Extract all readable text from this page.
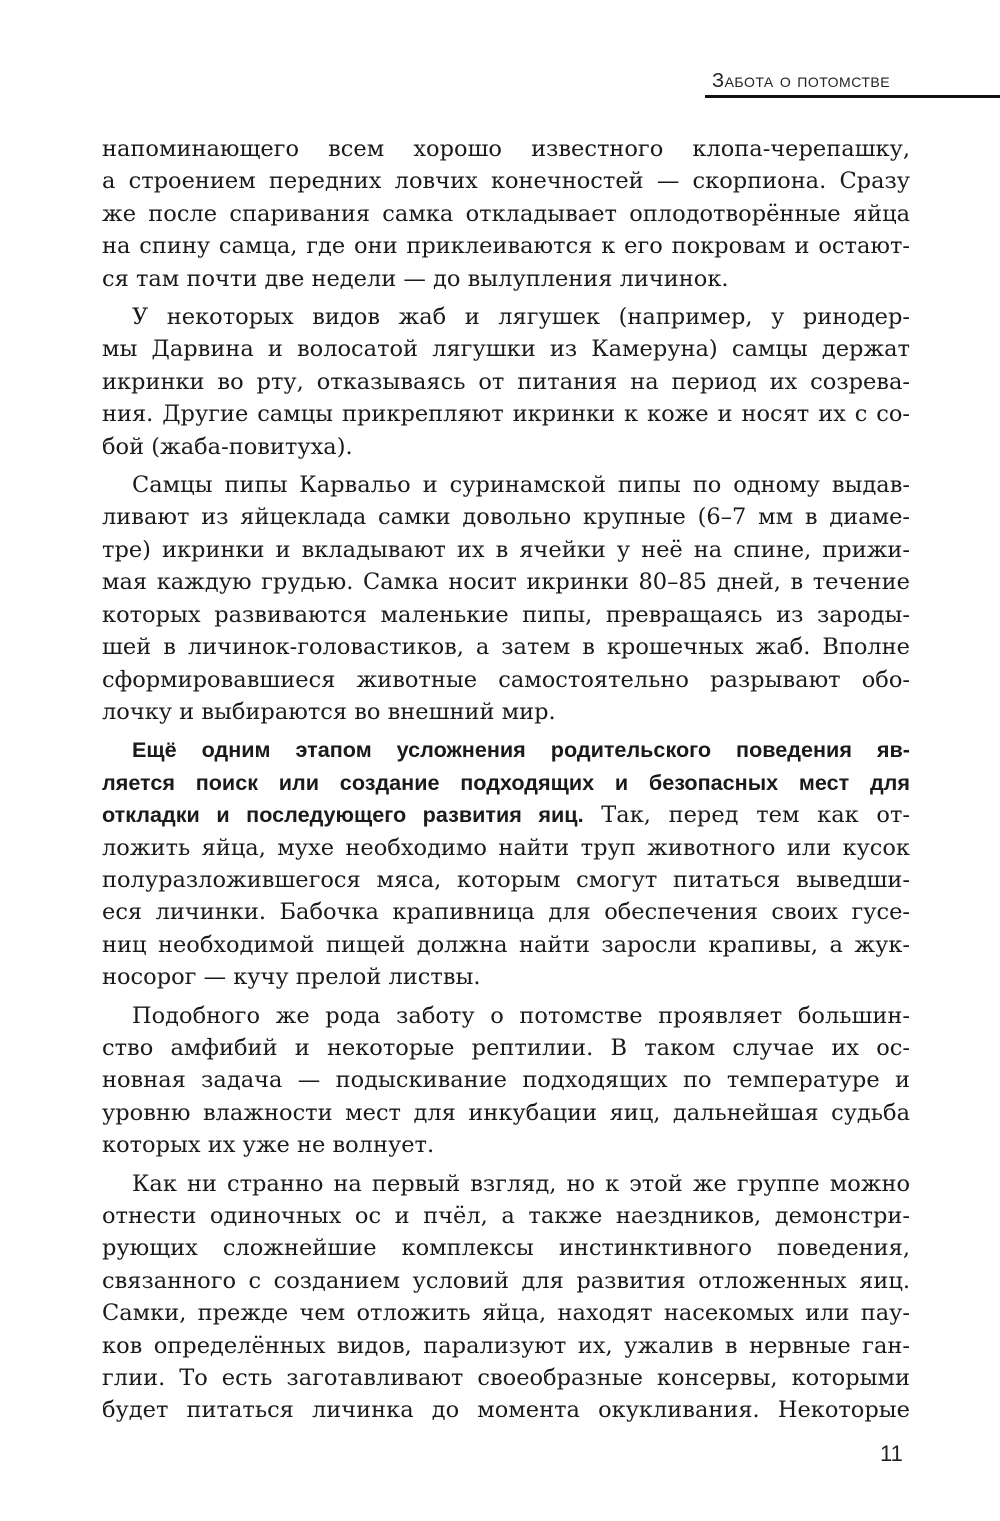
Забота о потомстве

напоминающего всем хорошо известного клопа-черепашку,
а строением передних ловчих конечностей — скорпиона. Сразу
же после спаривания самка откладывает оплодотворённые яйца
на спину самца, где они приклеиваются к его покровам и остают-
ся там почти две недели — до вылупления личинок.

У некоторых видов жаб и лягушек (например, у ринодер-
мы Дарвина и волосатой лягушки из Камеруна) самцы держат
икринки во рту, отказываясь от питания на период их созрева-
ния. Другие самцы прикрепляют икринки к коже и носят их с со-
бой (жаба-повитуха).

Самцы пипы Карвальо и суринамской пипы по одному выдав-
ливают из яйцеклада самки довольно крупные (6–7 мм в диаме-
тре) икринки и вкладывают их в ячейки у неё на спине, прижи-
мая каждую грудью. Самка носит икринки 80–85 дней, в течение
которых развиваются маленькие пипы, превращаясь из зароды-
шей в личинок-головастиков, а затем в крошечных жаб. Вполне
сформировавшиеся животные самостоятельно разрывают обо-
лочку и выбираются во внешний мир.

Ещё одним этапом усложнения родительского поведения яв-
ляется поиск или создание подходящих и безопасных мест для
откладки и последующего развития яиц. Так, перед тем как от-
ложить яйца, мухе необходимо найти труп животного или кусок
полуразложившегося мяса, которым смогут питаться выведши-
еся личинки. Бабочка крапивница для обеспечения своих гусе-
ниц необходимой пищей должна найти заросли крапивы, а жук-
носорог — кучу прелой листвы.

Подобного же рода заботу о потомстве проявляет большин-
ство амфибий и некоторые рептилии. В таком случае их ос-
новная задача — подыскивание подходящих по температуре и
уровню влажности мест для инкубации яиц, дальнейшая судьба
которых их уже не волнует.

Как ни странно на первый взгляд, но к этой же группе можно
отнести одиночных ос и пчёл, а также наездников, демонстри-
рующих сложнейшие комплексы инстинктивного поведения,
связанного с созданием условий для развития отложенных яиц.
Самки, прежде чем отложить яйца, находят насекомых или пау-
ков определённых видов, парализуют их, ужалив в нервные ган-
глии. То есть заготавливают своеобразные консервы, которыми
будет питаться личинка до момента окукливания. Некоторые

11
